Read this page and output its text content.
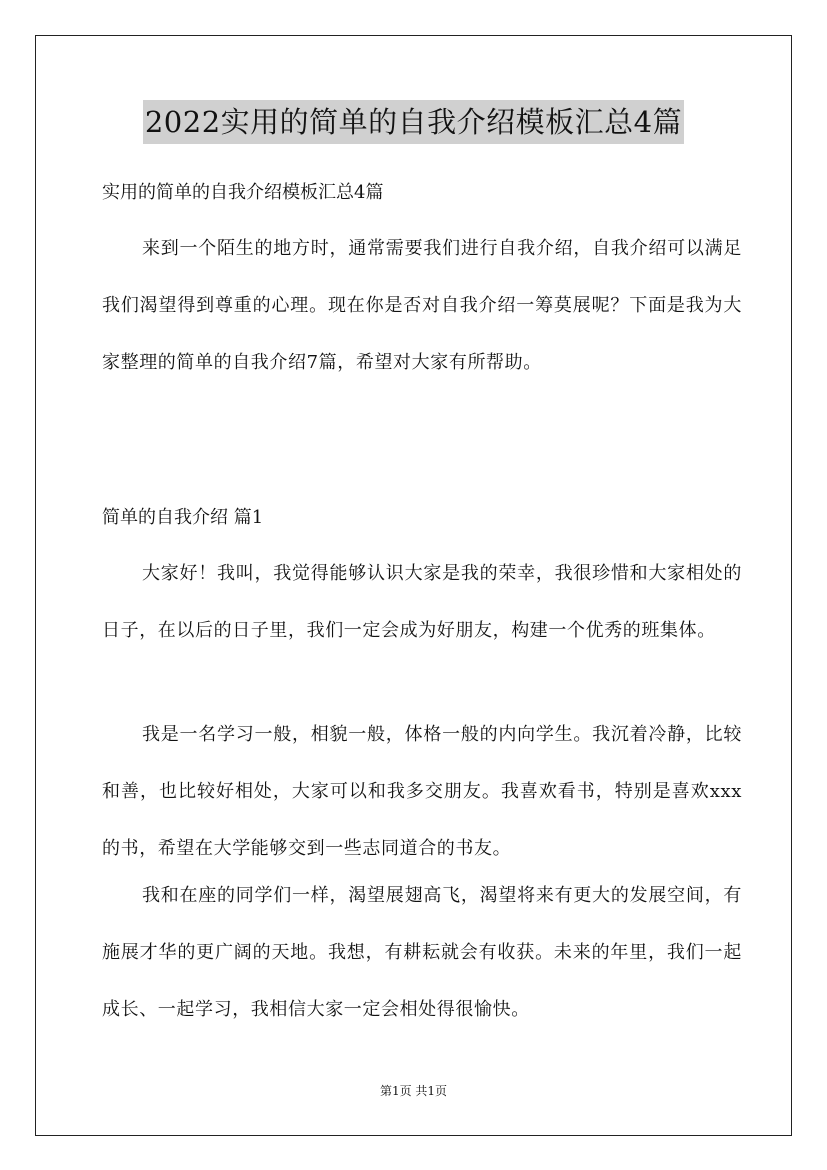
2022实用的简单的自我介绍模板汇总4篇
实用的简单的自我介绍模板汇总4篇

来到一个陌生的地方时，通常需要我们进行自我介绍，自我介绍可以满足我们渴望得到尊重的心理。现在你是否对自我介绍一筹莫展呢？下面是我为大家整理的简单的自我介绍7篇，希望对大家有所帮助。

简单的自我介绍 篇1

大家好！我叫，我觉得能够认识大家是我的荣幸，我很珍惜和大家相处的日子，在以后的日子里，我们一定会成为好朋友，构建一个优秀的班集体。

我是一名学习一般，相貌一般，体格一般的内向学生。我沉着冷静，比较和善，也比较好相处，大家可以和我多交朋友。我喜欢看书，特别是喜欢xxx的书，希望在大学能够交到一些志同道合的书友。

我和在座的同学们一样，渴望展翅高飞，渴望将来有更大的发展空间，有施展才华的更广阔的天地。我想，有耕耘就会有收获。未来的年里，我们一起成长、一起学习，我相信大家一定会相处得很愉快。

第1页 共1页
